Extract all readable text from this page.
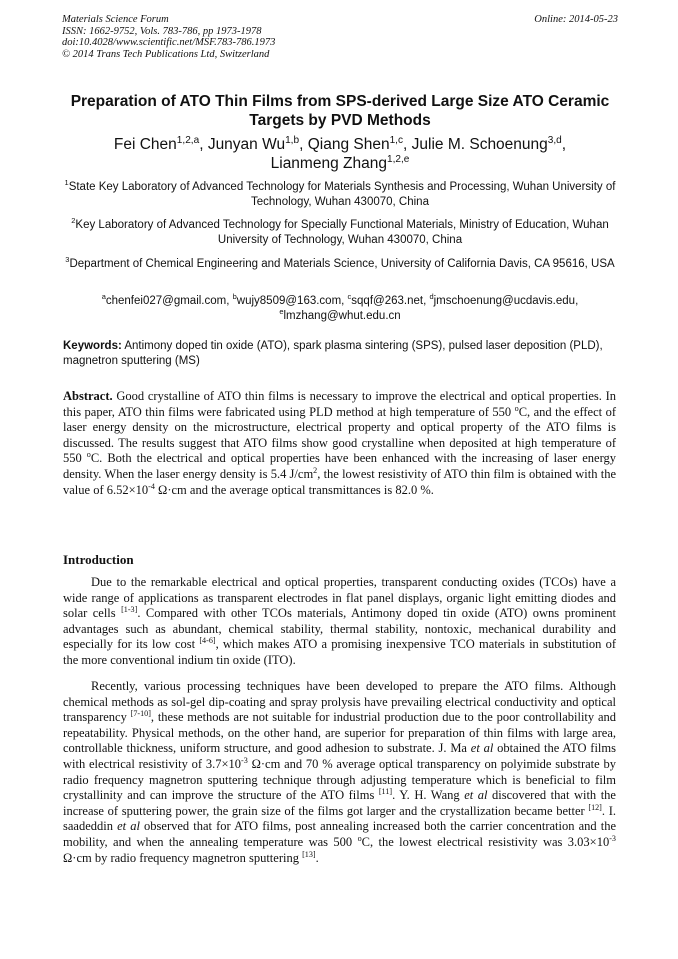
Materials Science Forum
ISSN: 1662-9752, Vols. 783-786, pp 1973-1978
doi:10.4028/www.scientific.net/MSF.783-786.1973
© 2014 Trans Tech Publications Ltd, Switzerland
Online: 2014-05-23
Preparation of ATO Thin Films from SPS-derived Large Size ATO Ceramic Targets by PVD Methods
Fei Chen$^{1,2,a}$, Junyan Wu$^{1,b}$, Qiang Shen$^{1,c}$, Julie M. Schoenung$^{3,d}$,
Lianmeng Zhang$^{1,2,e}$
$^1$State Key Laboratory of Advanced Technology for Materials Synthesis and Processing, Wuhan University of Technology, Wuhan 430070, China
$^2$Key Laboratory of Advanced Technology for Specially Functional Materials, Ministry of Education, Wuhan University of Technology, Wuhan 430070, China
$^3$Department of Chemical Engineering and Materials Science, University of California Davis, CA 95616, USA
$^a$chenfei027@gmail.com, $^b$wujy8509@163.com, $^c$sqqf@263.net, $^d$jmschoenung@ucdavis.edu,
$^e$lmzhang@whut.edu.cn
Keywords: Antimony doped tin oxide (ATO), spark plasma sintering (SPS), pulsed laser deposition (PLD), magnetron sputtering (MS)
Abstract. Good crystalline of ATO thin films is necessary to improve the electrical and optical properties. In this paper, ATO thin films were fabricated using PLD method at high temperature of 550 $^o$C, and the effect of laser energy density on the microstructure, electrical property and optical property of the ATO films is discussed. The results suggest that ATO films show good crystalline when deposited at high temperature of 550 $^o$C. Both the electrical and optical properties have been enhanced with the increasing of laser energy density. When the laser energy density is 5.4 $J/cm^2$, the lowest resistivity of ATO thin film is obtained with the value of $6.52\times 10^{-4}$ Ω·cm and the average optical transmittances is 82.0 %.
Introduction
Due to the remarkable electrical and optical properties, transparent conducting oxides (TCOs) have a wide range of applications as transparent electrodes in flat panel displays, organic light emitting diodes and solar cells [1-3]. Compared with other TCOs materials, Antimony doped tin oxide (ATO) owns prominent advantages such as abundant, chemical stability, thermal stability, nontoxic, mechanical durability and especially for its low cost [4-6], which makes ATO a promising inexpensive TCO materials in substitution of the more conventional indium tin oxide (ITO).
Recently, various processing techniques have been developed to prepare the ATO films. Although chemical methods as sol-gel dip-coating and spray prolysis have prevailing electrical conductivity and optical transparency [7-10], these methods are not suitable for industrial production due to the poor controllability and repeatability. Physical methods, on the other hand, are superior for preparation of thin films with large area, controllable thickness, uniform structure, and good adhesion to substrate. J. Ma et al obtained the ATO films with electrical resistivity of $3.7\times 10^{-3}$ Ω·cm and 70 % average optical transparency on polyimide substrate by radio frequency magnetron sputtering technique through adjusting temperature which is beneficial to film crystallinity and can improve the structure of the ATO films [11]. Y. H. Wang et al discovered that with the increase of sputtering power, the grain size of the films got larger and the crystallization became better [12]. I. saadeddin et al observed that for ATO films, post annealing increased both the carrier concentration and the mobility, and when the annealing temperature was 500 $^o$C, the lowest electrical resistivity was $3.03\times 10^{-3}$ Ω·cm by radio frequency magnetron sputtering [13].
